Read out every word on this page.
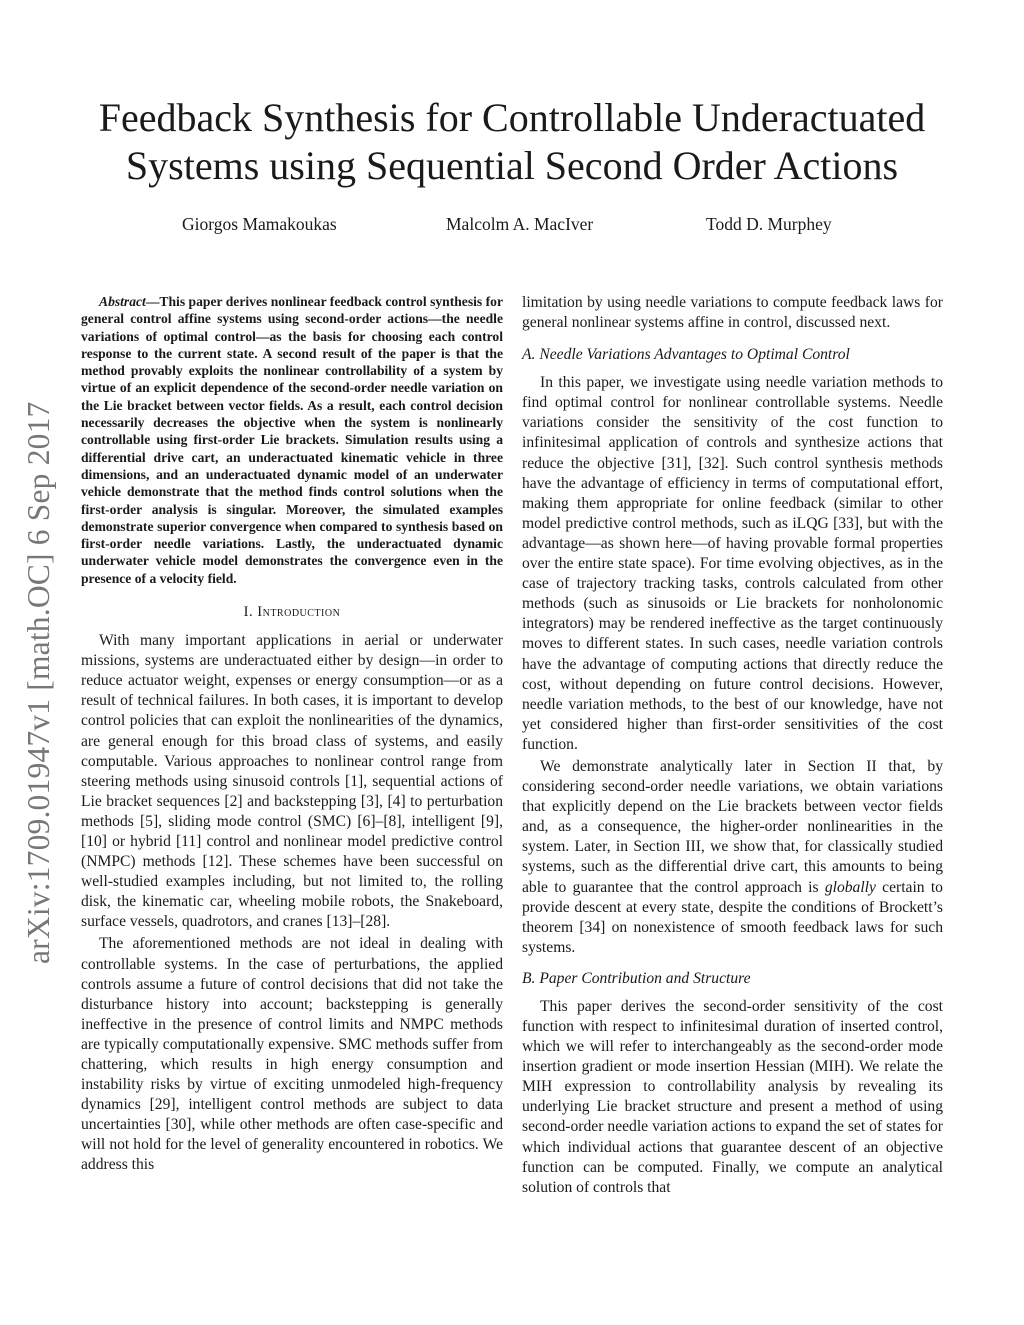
arXiv:1709.01947v1 [math.OC] 6 Sep 2017
Feedback Synthesis for Controllable Underactuated
Systems using Sequential Second Order Actions
Giorgos Mamakoukas	Malcolm A. MacIver	Todd D. Murphey

Abstract—This paper derives nonlinear feedback control synthesis for general control affine systems using second-order actions—the needle variations of optimal control—as the basis for choosing each control response to the current state. A second result of the paper is that the method provably exploits the nonlinear controllability of a system by virtue of an explicit dependence of the second-order needle variation on the Lie bracket between vector fields. As a result, each control decision necessarily decreases the objective when the system is nonlinearly controllable using first-order Lie brackets. Simulation results using a differential drive cart, an underactuated kinematic vehicle in three dimensions, and an underactuated dynamic model of an underwater vehicle demonstrate that the method finds control solutions when the first-order analysis is singular. Moreover, the simulated examples demonstrate superior convergence when compared to synthesis based on first-order needle variations. Lastly, the underactuated dynamic underwater vehicle model demonstrates the convergence even in the presence of a velocity field.

I. Introduction

With many important applications in aerial or underwater missions, systems are underactuated either by design—in order to reduce actuator weight, expenses or energy consumption—or as a result of technical failures. In both cases, it is important to develop control policies that can exploit the nonlinearities of the dynamics, are general enough for this broad class of systems, and easily computable. Various approaches to nonlinear control range from steering methods using sinusoid controls [1], sequential actions of Lie bracket sequences [2] and backstepping [3], [4] to perturbation methods [5], sliding mode control (SMC) [6]–[8], intelligent [9], [10] or hybrid [11] control and nonlinear model predictive control (NMPC) methods [12]. These schemes have been successful on well-studied examples including, but not limited to, the rolling disk, the kinematic car, wheeling mobile robots, the Snakeboard, surface vessels, quadrotors, and cranes [13]–[28].

The aforementioned methods are not ideal in dealing with controllable systems. In the case of perturbations, the applied controls assume a future of control decisions that did not take the disturbance history into account; backstepping is generally ineffective in the presence of control limits and NMPC methods are typically computationally expensive. SMC methods suffer from chattering, which results in high energy consumption and instability risks by virtue of exciting unmodeled high-frequency dynamics [29], intelligent control methods are subject to data uncertainties [30], while other methods are often case-specific and will not hold for the level of generality encountered in robotics. We address this

limitation by using needle variations to compute feedback laws for general nonlinear systems affine in control, discussed next.

A. Needle Variations Advantages to Optimal Control

In this paper, we investigate using needle variation methods to find optimal control for nonlinear controllable systems. Needle variations consider the sensitivity of the cost function to infinitesimal application of controls and synthesize actions that reduce the objective [31], [32]. Such control synthesis methods have the advantage of efficiency in terms of computational effort, making them appropriate for online feedback (similar to other model predictive control methods, such as iLQG [33], but with the advantage—as shown here—of having provable formal properties over the entire state space). For time evolving objectives, as in the case of trajectory tracking tasks, controls calculated from other methods (such as sinusoids or Lie brackets for nonholonomic integrators) may be rendered ineffective as the target continuously moves to different states. In such cases, needle variation controls have the advantage of computing actions that directly reduce the cost, without depending on future control decisions. However, needle variation methods, to the best of our knowledge, have not yet considered higher than first-order sensitivities of the cost function.

We demonstrate analytically later in Section II that, by considering second-order needle variations, we obtain variations that explicitly depend on the Lie brackets between vector fields and, as a consequence, the higher-order nonlinearities in the system. Later, in Section III, we show that, for classically studied systems, such as the differential drive cart, this amounts to being able to guarantee that the control approach is globally certain to provide descent at every state, despite the conditions of Brockett’s theorem [34] on nonexistence of smooth feedback laws for such systems.

B. Paper Contribution and Structure

This paper derives the second-order sensitivity of the cost function with respect to infinitesimal duration of inserted control, which we will refer to interchangeably as the second-order mode insertion gradient or mode insertion Hessian (MIH). We relate the MIH expression to controllability analysis by revealing its underlying Lie bracket structure and present a method of using second-order needle variation actions to expand the set of states for which individual actions that guarantee descent of an objective function can be computed. Finally, we compute an analytical solution of controls that
